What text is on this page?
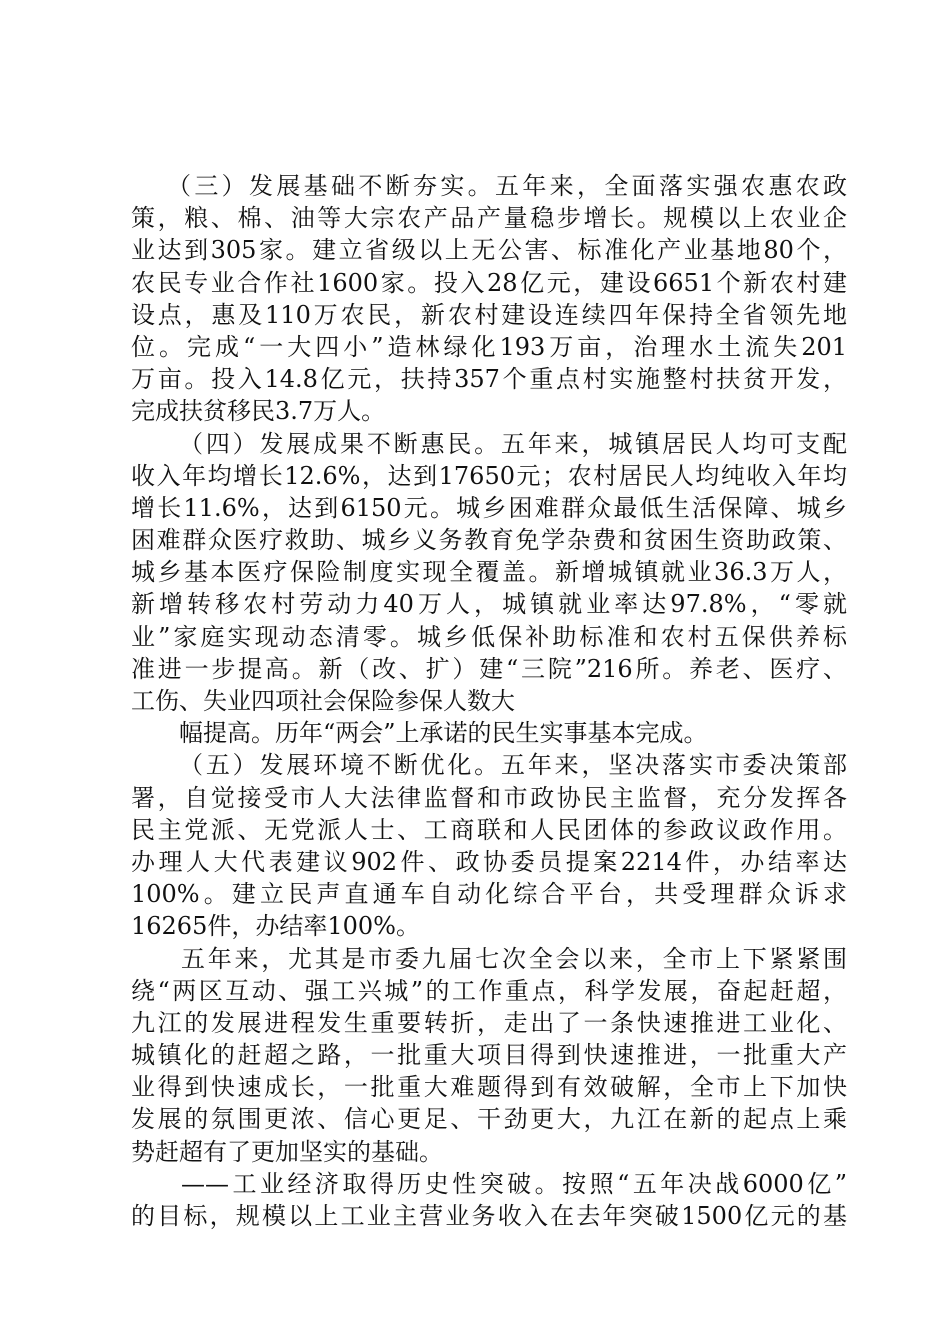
（三）发展基础不断夯实。五年来，全面落实强农惠农政
策，粮、棉、油等大宗农产品产量稳步增长。规模以上农业企
业达到305家。建立省级以上无公害、标准化产业基地80个，
农民专业合作社1600家。投入28亿元，建设6651个新农村建
设点，惠及110万农民，新农村建设连续四年保持全省领先地
位。完成“一大四小”造林绿化193万亩，治理水土流失201
万亩。投入14.8亿元，扶持357个重点村实施整村扶贫开发，
完成扶贫移民3.7万人。
（四）发展成果不断惠民。五年来，城镇居民人均可支配
收入年均增长12.6%，达到17650元；农村居民人均纯收入年均
增长11.6%，达到6150元。城乡困难群众最低生活保障、城乡
困难群众医疗救助、城乡义务教育免学杂费和贫困生资助政策、
城乡基本医疗保险制度实现全覆盖。新增城镇就业36.3万人，
新增转移农村劳动力40万人，城镇就业率达97.8%，“零就
业”家庭实现动态清零。城乡低保补助标准和农村五保供养标
准进一步提高。新（改、扩）建“三院”216所。养老、医疗、
工伤、失业四项社会保险参保人数大
幅提高。历年“两会”上承诺的民生实事基本完成。
（五）发展环境不断优化。五年来，坚决落实市委决策部
署，自觉接受市人大法律监督和市政协民主监督，充分发挥各
民主党派、无党派人士、工商联和人民团体的参政议政作用。
办理人大代表建议902件、政协委员提案2214件，办结率达
100%。建立民声直通车自动化综合平台，共受理群众诉求
16265件，办结率100%。
五年来，尤其是市委九届七次全会以来，全市上下紧紧围
绕“两区互动、强工兴城”的工作重点，科学发展，奋起赶超，
九江的发展进程发生重要转折，走出了一条快速推进工业化、
城镇化的赶超之路，一批重大项目得到快速推进，一批重大产
业得到快速成长，一批重大难题得到有效破解，全市上下加快
发展的氛围更浓、信心更足、干劲更大，九江在新的起点上乘
势赶超有了更加坚实的基础。
——工业经济取得历史性突破。按照“五年决战6000亿”
的目标，规模以上工业主营业务收入在去年突破1500亿元的基
